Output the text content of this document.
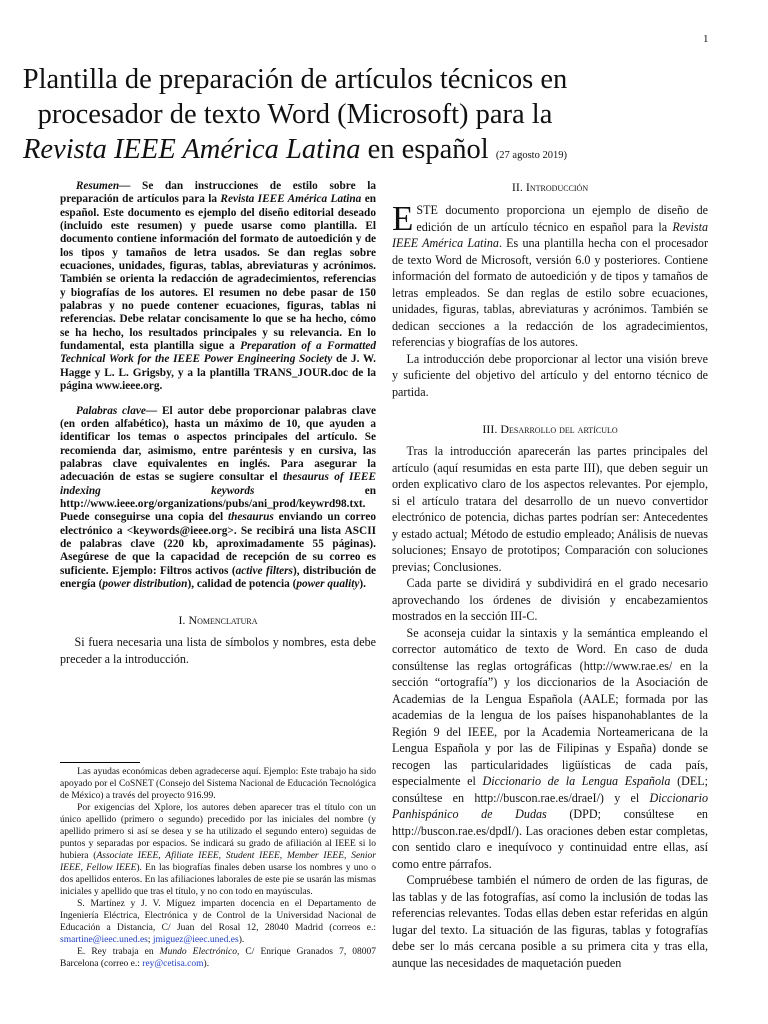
1
Plantilla de preparación de artículos técnicos en
procesador de texto Word (Microsoft) para la
Revista IEEE América Latina en español (27 agosto 2019)

Resumen— Se dan instrucciones de estilo sobre la preparación de artículos para la Revista IEEE América Latina en español. Este documento es ejemplo del diseño editorial deseado (incluido este resumen) y puede usarse como plantilla. El documento contiene información del formato de autoedición y de los tipos y tamaños de letra usados. Se dan reglas sobre ecuaciones, unidades, figuras, tablas, abreviaturas y acrónimos. También se orienta la redacción de agradecimientos, referencias y biografías de los autores. El resumen no debe pasar de 150 palabras y no puede contener ecuaciones, figuras, tablas ni referencias. Debe relatar concisamente lo que se ha hecho, cómo se ha hecho, los resultados principales y su relevancia. En lo fundamental, esta plantilla sigue a Preparation of a Formatted Technical Work for the IEEE Power Engineering Society de J. W. Hagge y L. L. Grigsby, y a la plantilla TRANS_JOUR.doc de la página www.ieee.org.

Palabras clave— El autor debe proporcionar palabras clave (en orden alfabético), hasta un máximo de 10, que ayuden a identificar los temas o aspectos principales del artículo. Se recomienda dar, asimismo, entre paréntesis y en cursiva, las palabras clave equivalentes en inglés. Para asegurar la adecuación de estas se sugiere consultar el thesaurus of IEEE indexing keywords en http://www.ieee.org/organizations/pubs/ani_prod/keywrd98.txt. Puede conseguirse una copia del thesaurus enviando un correo electrónico a <keywords@ieee.org>. Se recibirá una lista ASCII de palabras clave (220 kb, aproximadamente 55 páginas). Asegúrese de que la capacidad de recepción de su correo es suficiente. Ejemplo: Filtros activos (active filters), distribución de energía (power distribution), calidad de potencia (power quality).

I. Nomenclatura

Si fuera necesaria una lista de símbolos y nombres, esta debe preceder a la introducción.

Las ayudas económicas deben agradecerse aquí. Ejemplo: Este trabajo ha sido apoyado por el CoSNET (Consejo del Sistema Nacional de Educación Tecnológica de México) a través del proyecto 916.99.

Por exigencias del Xplore, los autores deben aparecer tras el título con un único apellido (primero o segundo) precedido por las iniciales del nombre (y apellido primero si así se desea y se ha utilizado el segundo entero) seguidas de puntos y separadas por espacios. Se indicará su grado de afiliación al IEEE si lo hubiera (Associate IEEE, Afiliate IEEE, Student IEEE, Member IEEE, Senior IEEE, Fellow IEEE). En las biografías finales deben usarse los nombres y uno o dos apellidos enteros. En las afiliaciones laborales de este pie se usarán las mismas iniciales y apellido que tras el título, y no con todo en mayúsculas.

S. Martínez y J. V. Míguez imparten docencia en el Departamento de Ingeniería Eléctrica, Electrónica y de Control de la Universidad Nacional de Educación a Distancia, C/ Juan del Rosal 12, 28040 Madrid (correos e.: smartine@ieec.uned.es; jmiguez@ieec.uned.es).

E. Rey trabaja en Mundo Electrónico, C/ Enrique Granados 7, 08007 Barcelona (correo e.: rey@cetisa.com).

II. Introducción

ESTE documento proporciona un ejemplo de diseño de edición de un artículo técnico en español para la Revista IEEE América Latina. Es una plantilla hecha con el procesador de texto Word de Microsoft, versión 6.0 y posteriores. Contiene información del formato de autoedición y de tipos y tamaños de letras empleados. Se dan reglas de estilo sobre ecuaciones, unidades, figuras, tablas, abreviaturas y acrónimos. También se dedican secciones a la redacción de los agradecimientos, referencias y biografías de los autores.

La introducción debe proporcionar al lector una visión breve y suficiente del objetivo del artículo y del entorno técnico de partida.

III. Desarrollo del artículo

Tras la introducción aparecerán las partes principales del artículo (aquí resumidas en esta parte III), que deben seguir un orden explicativo claro de los aspectos relevantes. Por ejemplo, si el artículo tratara del desarrollo de un nuevo convertidor electrónico de potencia, dichas partes podrían ser: Antecedentes y estado actual; Método de estudio empleado; Análisis de nuevas soluciones; Ensayo de prototipos; Comparación con soluciones previas; Conclusiones.

Cada parte se dividirá y subdividirá en el grado necesario aprovechando los órdenes de división y encabezamientos mostrados en la sección III-C.

Se aconseja cuidar la sintaxis y la semántica empleando el corrector automático de texto de Word. En caso de duda consúltense las reglas ortográficas (http://www.rae.es/ en la sección “ortografía”) y los diccionarios de la Asociación de Academias de la Lengua Española (AALE; formada por las academias de la lengua de los países hispanohablantes de la Región 9 del IEEE, por la Academia Norteamericana de la Lengua Española y por las de Filipinas y España) donde se recogen las particularidades ligüísticas de cada país, especialmente el Diccionario de la Lengua Española (DEL; consúltese en http://buscon.rae.es/draeI/) y el Diccionario Panhispánico de Dudas (DPD; consúltese en http://buscon.rae.es/dpdI/). Las oraciones deben estar completas, con sentido claro e inequívoco y continuidad entre ellas, así como entre párrafos.

Compruébese también el número de orden de las figuras, de las tablas y de las fotografías, así como la inclusión de todas las referencias relevantes. Todas ellas deben estar referidas en algún lugar del texto. La situación de las figuras, tablas y fotografías debe ser lo más cercana posible a su primera cita y tras ella, aunque las necesidades de maquetación pueden
